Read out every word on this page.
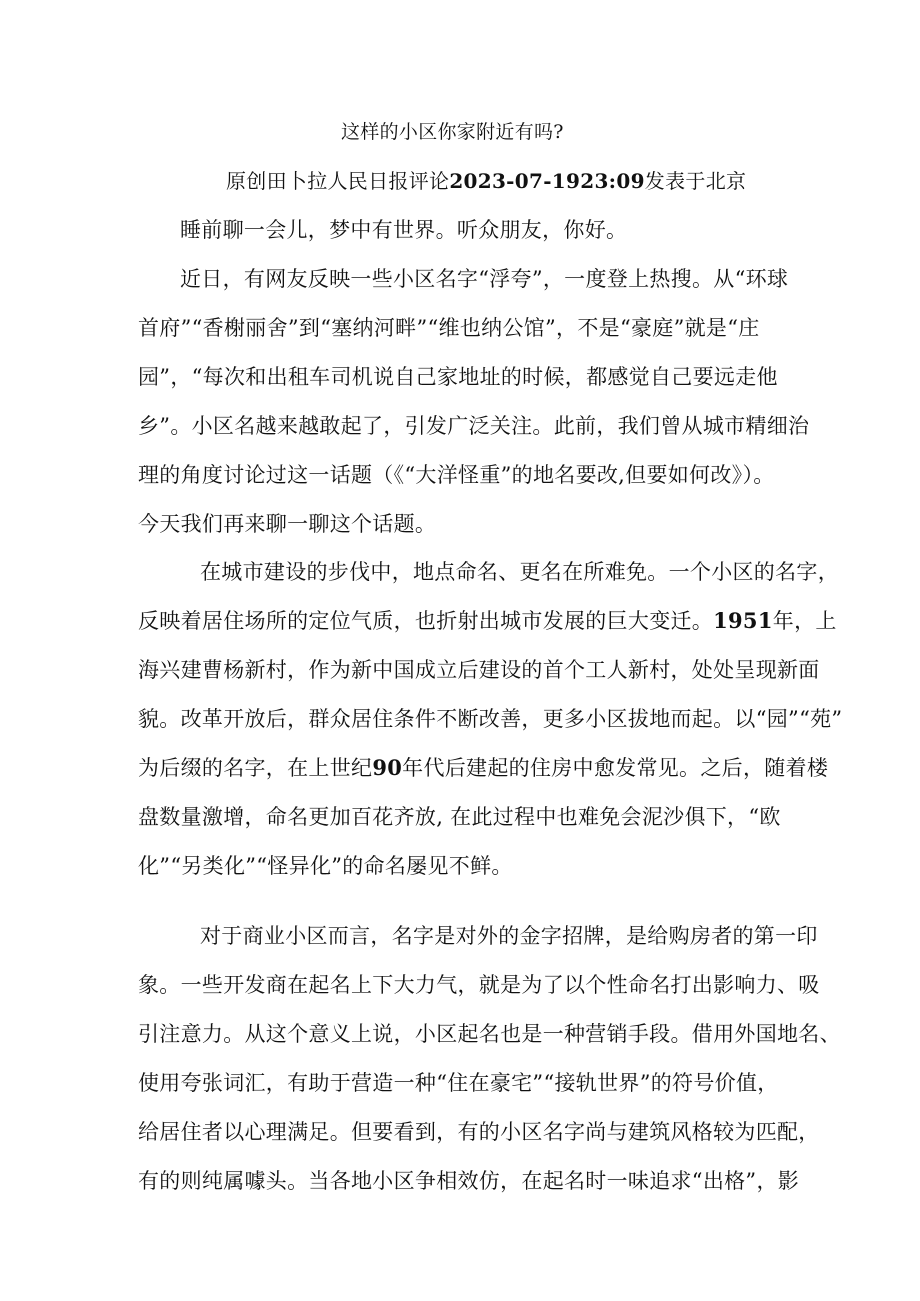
这样的小区你家附近有吗?
原创田卜拉人民日报评论2023-07-1923:09发表于北京
睡前聊一会儿，梦中有世界。听众朋友，你好。
近日，有网友反映一些小区名字“浮夸”，一度登上热搜。从“环球
首府”“香榭丽舍”到“塞纳河畔”“维也纳公馆”，不是“豪庭”就是“庄
园”，“每次和出租车司机说自己家地址的时候，都感觉自己要远走他
乡”。小区名越来越敢起了，引发广泛关注。此前，我们曾从城市精细治
理的角度讨论过这一话题（《“大洋怪重”的地名要改,但要如何改》）。
今天我们再来聊一聊这个话题。
在城市建设的步伐中，地点命名、更名在所难免。一个小区的名字，
反映着居住场所的定位气质，也折射出城市发展的巨大变迁。1951年，上
海兴建曹杨新村，作为新中国成立后建设的首个工人新村，处处呈现新面
貌。改革开放后，群众居住条件不断改善，更多小区拔地而起。以“园”“苑”
为后缀的名字，在上世纪90年代后建起的住房中愈发常见。之后，随着楼
盘数量激增，命名更加百花齐放, 在此过程中也难免会泥沙俱下，“欧
化”“另类化”“怪异化”的命名屡见不鲜。
对于商业小区而言，名字是对外的金字招牌，是给购房者的第一印
象。一些开发商在起名上下大力气，就是为了以个性命名打出影响力、吸
引注意力。从这个意义上说，小区起名也是一种营销手段。借用外国地名、
使用夸张词汇，有助于营造一种“住在豪宅”“接轨世界”的符号价值，
给居住者以心理满足。但要看到，有的小区名字尚与建筑风格较为匹配，
有的则纯属噱头。当各地小区争相效仿，在起名时一味追求“出格”，影
